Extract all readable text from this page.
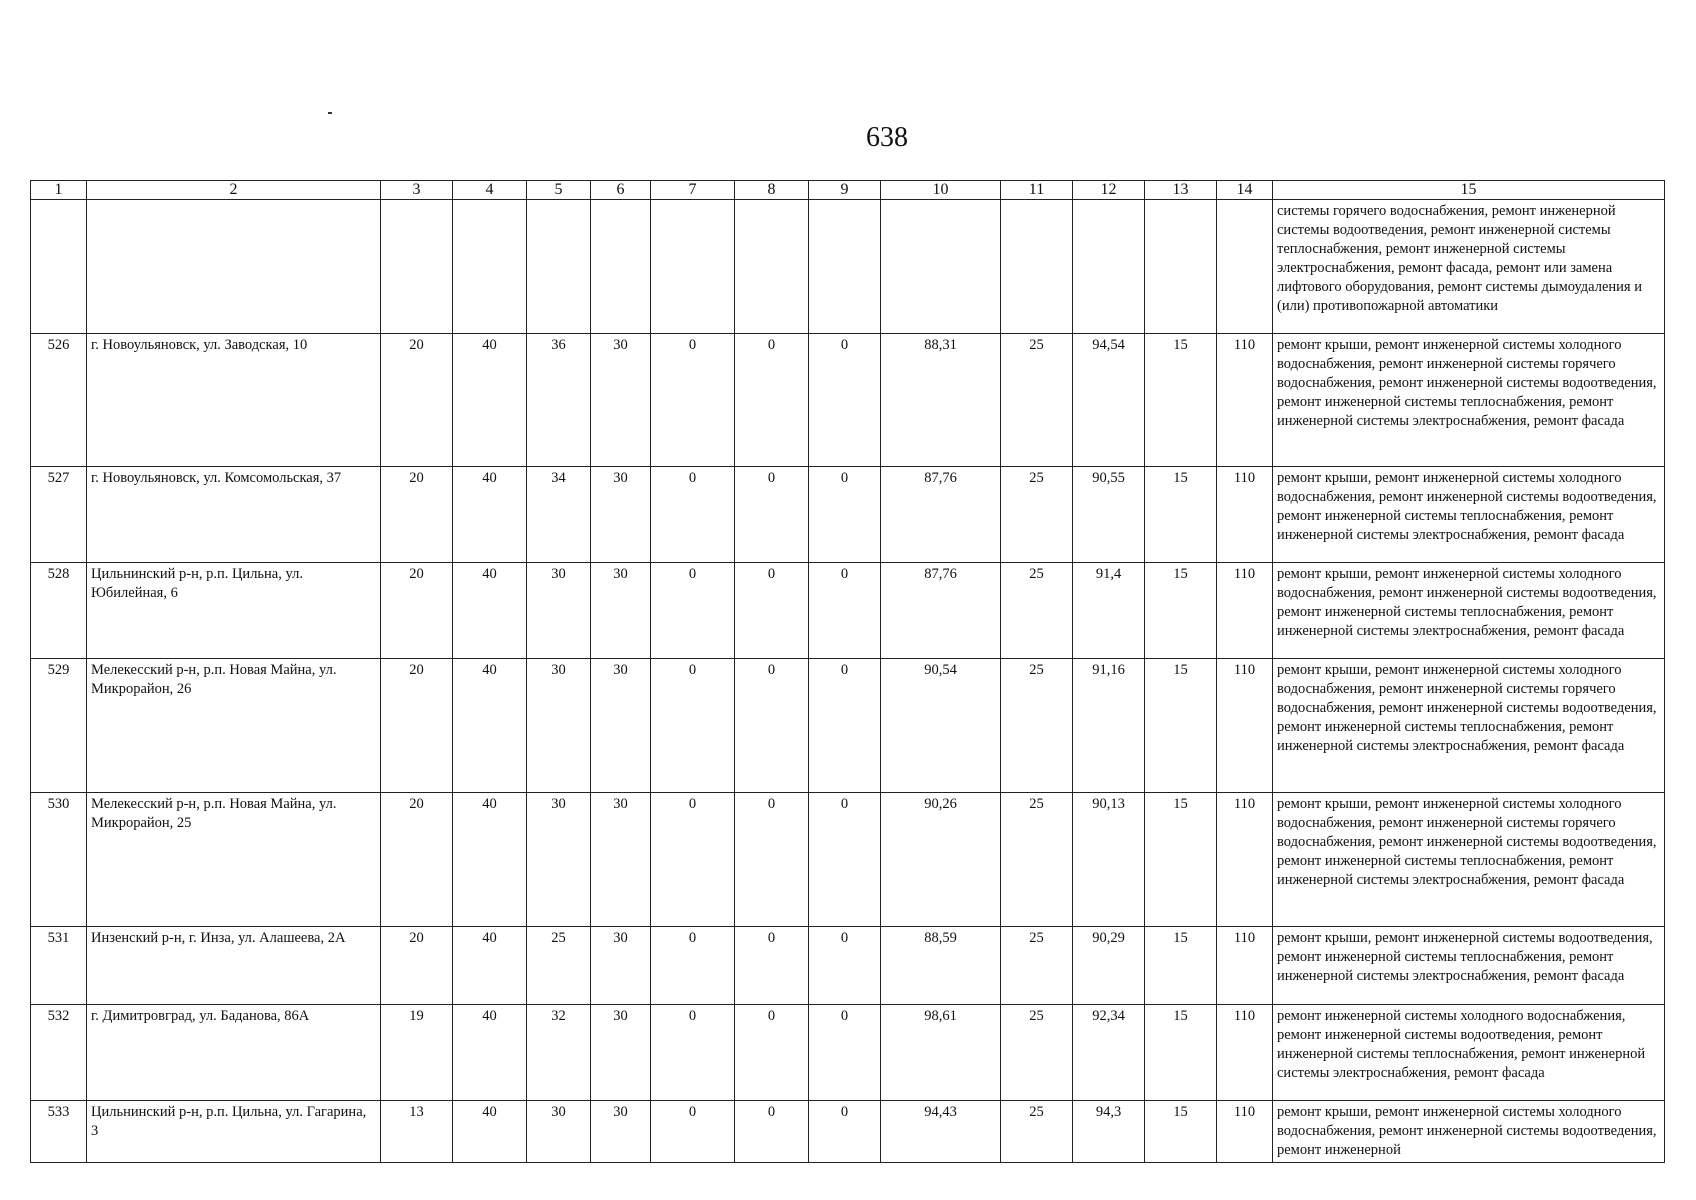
638
1	2	3	4	5	6	7	8	9	10	11	12	13	14	15
														системы горячего водоснабжения, ремонт инженерной системы водоотведения, ремонт инженерной системы теплоснабжения, ремонт инженерной системы электроснабжения, ремонт фасада, ремонт или замена лифтового оборудования, ремонт системы дымоудаления и (или) противопожарной автоматики
526	г. Новоульяновск, ул. Заводская, 10	20	40	36	30	0	0	0	88,31	25	94,54	15	110	ремонт крыши, ремонт инженерной системы холодного водоснабжения, ремонт инженерной системы горячего водоснабжения, ремонт инженерной системы водоотведения, ремонт инженерной системы теплоснабжения, ремонт инженерной системы электроснабжения, ремонт фасада
527	г. Новоульяновск, ул. Комсомольская, 37	20	40	34	30	0	0	0	87,76	25	90,55	15	110	ремонт крыши, ремонт инженерной системы холодного водоснабжения, ремонт инженерной системы водоотведения, ремонт инженерной системы теплоснабжения, ремонт инженерной системы электроснабжения, ремонт фасада
528	Цильнинский р-н, р.п. Цильна, ул. Юбилейная, 6	20	40	30	30	0	0	0	87,76	25	91,4	15	110	ремонт крыши, ремонт инженерной системы холодного водоснабжения, ремонт инженерной системы водоотведения, ремонт инженерной системы теплоснабжения, ремонт инженерной системы электроснабжения, ремонт фасада
529	Мелекесский р-н, р.п. Новая Майна, ул. Микрорайон, 26	20	40	30	30	0	0	0	90,54	25	91,16	15	110	ремонт крыши, ремонт инженерной системы холодного водоснабжения, ремонт инженерной системы горячего водоснабжения, ремонт инженерной системы водоотведения, ремонт инженерной системы теплоснабжения, ремонт инженерной системы электроснабжения, ремонт фасада
530	Мелекесский р-н, р.п. Новая Майна, ул. Микрорайон, 25	20	40	30	30	0	0	0	90,26	25	90,13	15	110	ремонт крыши, ремонт инженерной системы холодного водоснабжения, ремонт инженерной системы горячего водоснабжения, ремонт инженерной системы водоотведения, ремонт инженерной системы теплоснабжения, ремонт инженерной системы электроснабжения, ремонт фасада
531	Инзенский р-н, г. Инза, ул. Алашеева, 2А	20	40	25	30	0	0	0	88,59	25	90,29	15	110	ремонт крыши, ремонт инженерной системы водоотведения, ремонт инженерной системы теплоснабжения, ремонт инженерной системы электроснабжения, ремонт фасада
532	г. Димитровград, ул. Баданова, 86А	19	40	32	30	0	0	0	98,61	25	92,34	15	110	ремонт инженерной системы холодного водоснабжения, ремонт инженерной системы водоотведения, ремонт инженерной системы теплоснабжения, ремонт инженерной системы электроснабжения, ремонт фасада
533	Цильнинский р-н, р.п. Цильна, ул. Гагарина, 3	13	40	30	30	0	0	0	94,43	25	94,3	15	110	ремонт крыши, ремонт инженерной системы холодного водоснабжения, ремонт инженерной системы водоотведения, ремонт инженерной
